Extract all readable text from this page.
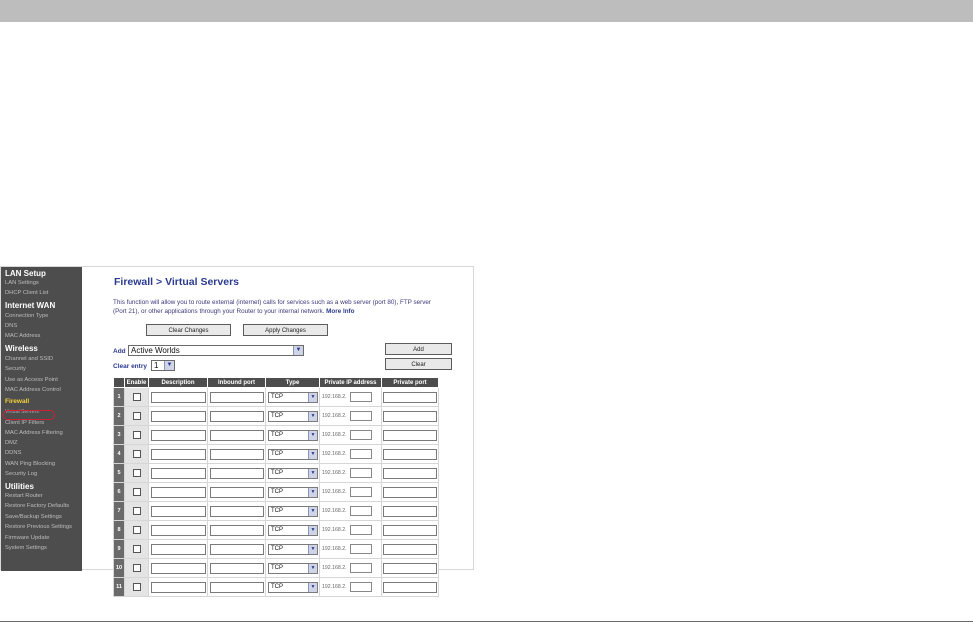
LAN Setup
LAN Settings
DHCP Client List
Internet WAN
Connection Type
DNS
MAC Address
Wireless
Channel and SSID
Security
Use as Access Point
MAC Address Control
Firewall
Virtual Servers
Client IP Filters
MAC Address Filtering
DMZ
DDNS
WAN Ping Blocking
Security Log
Utilities
Restart Router
Restore Factory Defaults
Save/Backup Settings
Restore Previous Settings
Firmware Update
System Settings
Firewall > Virtual Servers
This function will allow you to route external (internet) calls for services such as a web server (port 80), FTP server (Port 21), or other applications through your Router to your internal network. More Info
Clear Changes	Apply Changes
Add Active Worlds	▼	Add
Clear entry 1	▼	Clear
	Enable	Description	Inbound port	Type	Private IP address	Private port
1				TCP ▼	192.168.2.	

2				TCP ▼	192.168.2.	

3				TCP ▼	192.168.2.	

4				TCP ▼	192.168.2.	

5				TCP ▼	192.168.2.	

6				TCP ▼	192.168.2.	

7				TCP ▼	192.168.2.	

8				TCP ▼	192.168.2.	

9				TCP ▼	192.168.2.	

10				TCP ▼	192.168.2.	

11				TCP ▼	192.168.2.	
